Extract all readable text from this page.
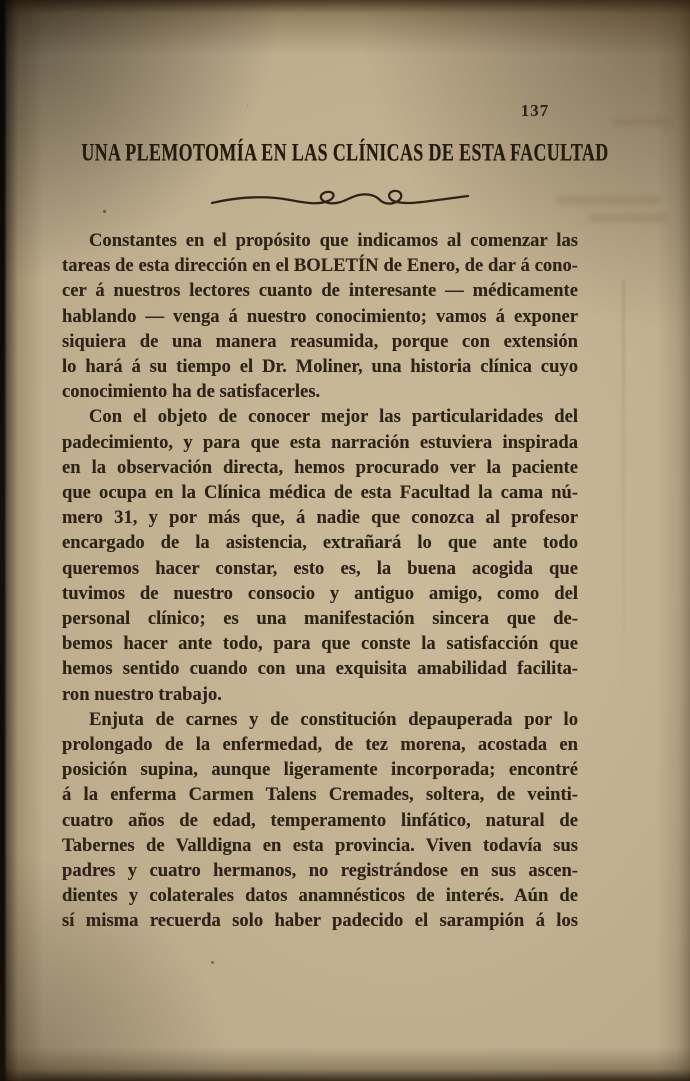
137
UNA PLEMOTOMÍA EN LAS CLÍNICAS DE ESTA FACULTAD
Constantes en el propósito que indicamos al comenzar las
tareas de esta dirección en el BOLETÍN de Enero, de dar á cono-
cer á nuestros lectores cuanto de interesante — médicamente
hablando — venga á nuestro conocimiento; vamos á exponer
siquiera de una manera reasumida, porque con extensión
lo hará á su tiempo el Dr. Moliner, una historia clínica cuyo
conocimiento ha de satisfacerles.
Con el objeto de conocer mejor las particularidades del
padecimiento, y para que esta narración estuviera inspirada
en la observación directa, hemos procurado ver la paciente
que ocupa en la Clínica médica de esta Facultad la cama nú-
mero 31, y por más que, á nadie que conozca al profesor
encargado de la asistencia, extrañará lo que ante todo
queremos hacer constar, esto es, la buena acogida que
tuvimos de nuestro consocio y antiguo amigo, como del
personal clínico; es una manifestación sincera que de-
bemos hacer ante todo, para que conste la satisfacción que
hemos sentido cuando con una exquisita amabilidad facilita-
ron nuestro trabajo.
Enjuta de carnes y de constitución depauperada por lo
prolongado de la enfermedad, de tez morena, acostada en
posición supina, aunque ligeramente incorporada; encontré
á la enferma Carmen Talens Cremades, soltera, de veinti-
cuatro años de edad, temperamento linfático, natural de
Tabernes de Valldigna en esta provincia. Viven todavía sus
padres y cuatro hermanos, no registrándose en sus ascen-
dientes y colaterales datos anamnésticos de interés. Aún de
sí misma recuerda solo haber padecido el sarampión á los
